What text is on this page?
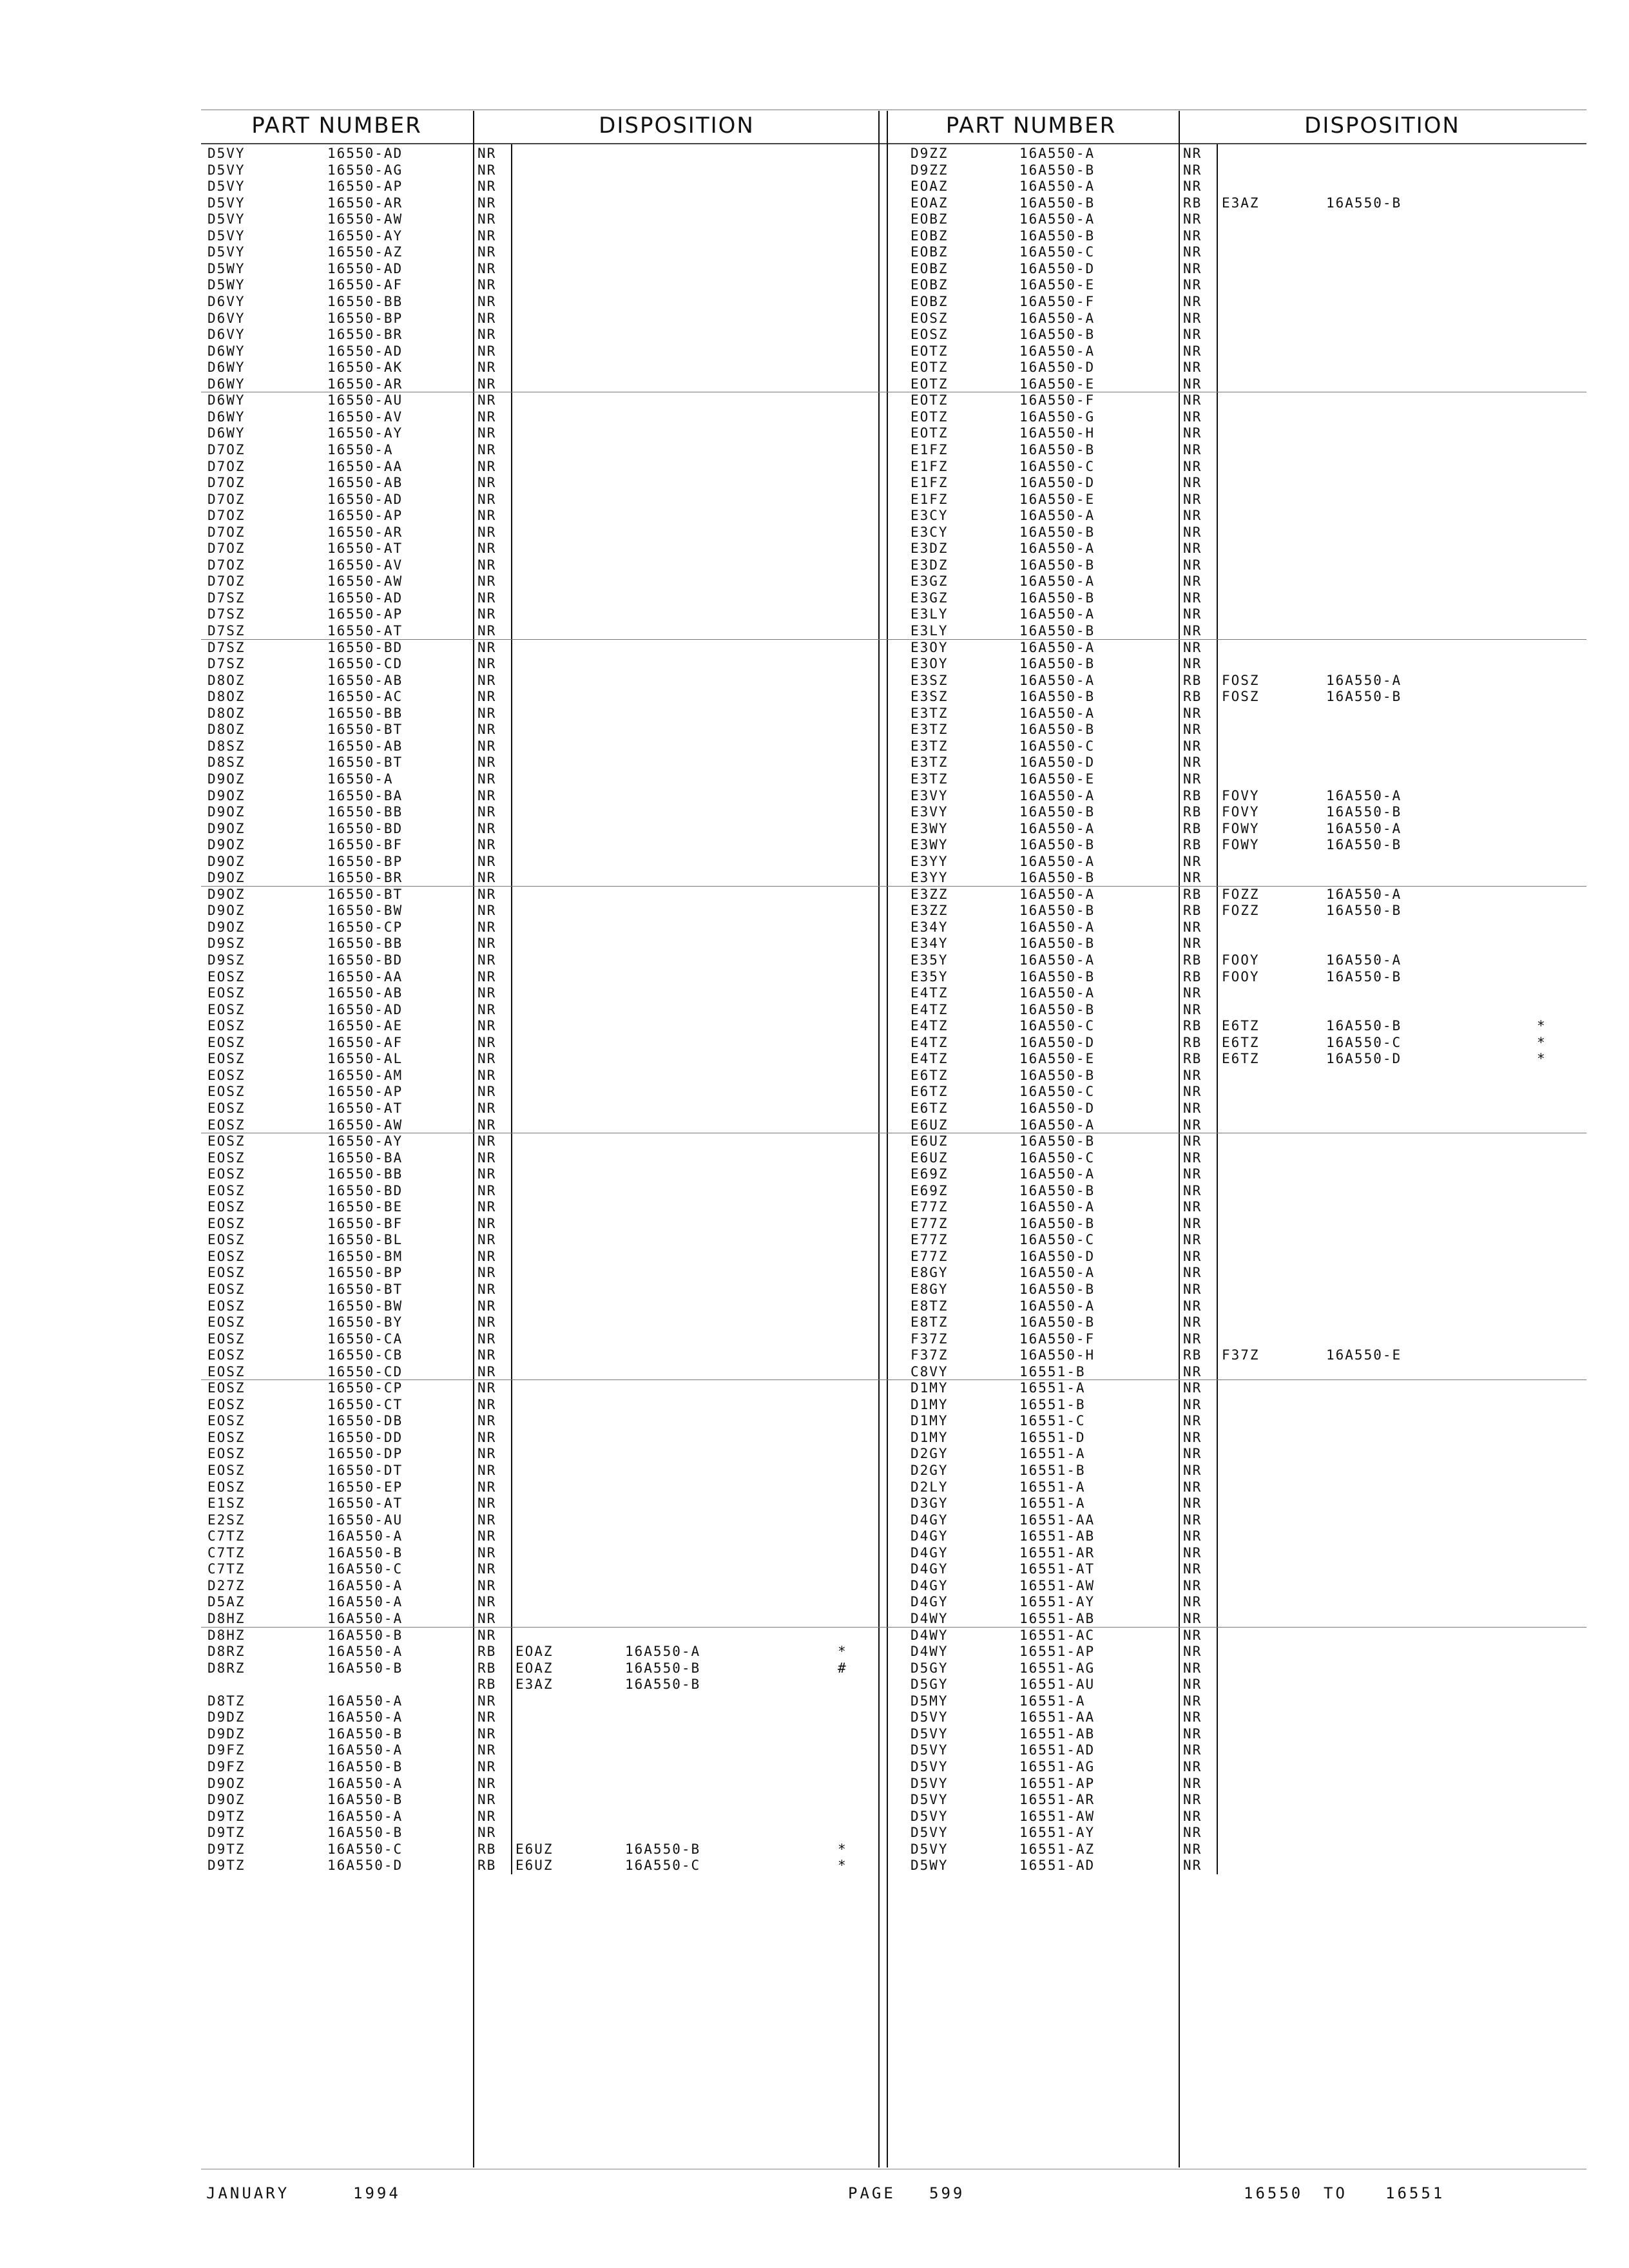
PART NUMBER	DISPOSITION	PART NUMBER	DISPOSITION
D5VY	16550-AD	NR
D5VY	16550-AG	NR
D5VY	16550-AP	NR
D5VY	16550-AR	NR
D5VY	16550-AW	NR
D5VY	16550-AY	NR
D5VY	16550-AZ	NR
D5WY	16550-AD	NR
D5WY	16550-AF	NR
D6VY	16550-BB	NR
D6VY	16550-BP	NR
D6VY	16550-BR	NR
D6WY	16550-AD	NR
D6WY	16550-AK	NR
D6WY	16550-AR	NR
D6WY	16550-AU	NR
D6WY	16550-AV	NR
D6WY	16550-AY	NR
D7OZ	16550-A	NR
D7OZ	16550-AA	NR
D7OZ	16550-AB	NR
D7OZ	16550-AD	NR
D7OZ	16550-AP	NR
D7OZ	16550-AR	NR
D7OZ	16550-AT	NR
D7OZ	16550-AV	NR
D7OZ	16550-AW	NR
D7SZ	16550-AD	NR
D7SZ	16550-AP	NR
D7SZ	16550-AT	NR
D7SZ	16550-BD	NR
D7SZ	16550-CD	NR
D8OZ	16550-AB	NR
D8OZ	16550-AC	NR
D8OZ	16550-BB	NR
D8OZ	16550-BT	NR
D8SZ	16550-AB	NR
D8SZ	16550-BT	NR
D9OZ	16550-A	NR
D9OZ	16550-BA	NR
D9OZ	16550-BB	NR
D9OZ	16550-BD	NR
D9OZ	16550-BF	NR
D9OZ	16550-BP	NR
D9OZ	16550-BR	NR
D9OZ	16550-BT	NR
D9OZ	16550-BW	NR
D9OZ	16550-CP	NR
D9SZ	16550-BB	NR
D9SZ	16550-BD	NR
EOSZ	16550-AA	NR
EOSZ	16550-AB	NR
EOSZ	16550-AD	NR
EOSZ	16550-AE	NR
EOSZ	16550-AF	NR
EOSZ	16550-AL	NR
EOSZ	16550-AM	NR
EOSZ	16550-AP	NR
EOSZ	16550-AT	NR
EOSZ	16550-AW	NR
EOSZ	16550-AY	NR
EOSZ	16550-BA	NR
EOSZ	16550-BB	NR
EOSZ	16550-BD	NR
EOSZ	16550-BE	NR
EOSZ	16550-BF	NR
EOSZ	16550-BL	NR
EOSZ	16550-BM	NR
EOSZ	16550-BP	NR
EOSZ	16550-BT	NR
EOSZ	16550-BW	NR
EOSZ	16550-BY	NR
EOSZ	16550-CA	NR
EOSZ	16550-CB	NR
EOSZ	16550-CD	NR
EOSZ	16550-CP	NR
EOSZ	16550-CT	NR
EOSZ	16550-DB	NR
EOSZ	16550-DD	NR
EOSZ	16550-DP	NR
EOSZ	16550-DT	NR
EOSZ	16550-EP	NR
E1SZ	16550-AT	NR
E2SZ	16550-AU	NR
C7TZ	16A550-A	NR
C7TZ	16A550-B	NR
C7TZ	16A550-C	NR
D27Z	16A550-A	NR
D5AZ	16A550-A	NR
D8HZ	16A550-A	NR
D8HZ	16A550-B	NR
D8RZ	16A550-A	RB EOAZ	16A550-A	*
D8RZ	16A550-B	RB EOAZ	16A550-B	#
RB E3AZ	16A550-B
D8TZ	16A550-A	NR
D9DZ	16A550-A	NR
D9DZ	16A550-B	NR
D9FZ	16A550-A	NR
D9FZ	16A550-B	NR
D9OZ	16A550-A	NR
D9OZ	16A550-B	NR
D9TZ	16A550-A	NR
D9TZ	16A550-B	NR
D9TZ	16A550-C	RB E6UZ	16A550-B	*
D9TZ	16A550-D	RB E6UZ	16A550-C	*
D9ZZ	16A550-A	NR
D9ZZ	16A550-B	NR
EOAZ	16A550-A	NR
EOAZ	16A550-B	RB E3AZ	16A550-B
EOBZ	16A550-A	NR
EOBZ	16A550-B	NR
EOBZ	16A550-C	NR
EOBZ	16A550-D	NR
EOBZ	16A550-E	NR
EOBZ	16A550-F	NR
EOSZ	16A550-A	NR
EOSZ	16A550-B	NR
EOTZ	16A550-A	NR
EOTZ	16A550-D	NR
EOTZ	16A550-E	NR
EOTZ	16A550-F	NR
EOTZ	16A550-G	NR
EOTZ	16A550-H	NR
E1FZ	16A550-B	NR
E1FZ	16A550-C	NR
E1FZ	16A550-D	NR
E1FZ	16A550-E	NR
E3CY	16A550-A	NR
E3CY	16A550-B	NR
E3DZ	16A550-A	NR
E3DZ	16A550-B	NR
E3GZ	16A550-A	NR
E3GZ	16A550-B	NR
E3LY	16A550-A	NR
E3LY	16A550-B	NR
E3OY	16A550-A	NR
E3OY	16A550-B	NR
E3SZ	16A550-A	RB FOSZ	16A550-A
E3SZ	16A550-B	RB FOSZ	16A550-B
E3TZ	16A550-A	NR
E3TZ	16A550-B	NR
E3TZ	16A550-C	NR
E3TZ	16A550-D	NR
E3TZ	16A550-E	NR
E3VY	16A550-A	RB FOVY	16A550-A
E3VY	16A550-B	RB FOVY	16A550-B
E3WY	16A550-A	RB FOWY	16A550-A
E3WY	16A550-B	RB FOWY	16A550-B
E3YY	16A550-A	NR
E3YY	16A550-B	NR
E3ZZ	16A550-A	RB FOZZ	16A550-A
E3ZZ	16A550-B	RB FOZZ	16A550-B
E34Y	16A550-A	NR
E34Y	16A550-B	NR
E35Y	16A550-A	RB FOOY	16A550-A
E35Y	16A550-B	RB FOOY	16A550-B
E4TZ	16A550-A	NR
E4TZ	16A550-B	NR
E4TZ	16A550-C	RB E6TZ	16A550-B	*
E4TZ	16A550-D	RB E6TZ	16A550-C	*
E4TZ	16A550-E	RB E6TZ	16A550-D	*
E6TZ	16A550-B	NR
E6TZ	16A550-C	NR
E6TZ	16A550-D	NR
E6UZ	16A550-A	NR
E6UZ	16A550-B	NR
E6UZ	16A550-C	NR
E69Z	16A550-A	NR
E69Z	16A550-B	NR
E77Z	16A550-A	NR
E77Z	16A550-B	NR
E77Z	16A550-C	NR
E77Z	16A550-D	NR
E8GY	16A550-A	NR
E8GY	16A550-B	NR
E8TZ	16A550-A	NR
E8TZ	16A550-B	NR
F37Z	16A550-F	NR
F37Z	16A550-H	RB F37Z	16A550-E
C8VY	16551-B	NR
D1MY	16551-A	NR
D1MY	16551-B	NR
D1MY	16551-C	NR
D1MY	16551-D	NR
D2GY	16551-A	NR
D2GY	16551-B	NR
D2LY	16551-A	NR
D3GY	16551-A	NR
D4GY	16551-AA	NR
D4GY	16551-AB	NR
D4GY	16551-AR	NR
D4GY	16551-AT	NR
D4GY	16551-AW	NR
D4GY	16551-AY	NR
D4WY	16551-AB	NR
D4WY	16551-AC	NR
D4WY	16551-AP	NR
D5GY	16551-AG	NR
D5GY	16551-AU	NR
D5MY	16551-A	NR
D5VY	16551-AA	NR
D5VY	16551-AB	NR
D5VY	16551-AD	NR
D5VY	16551-AG	NR
D5VY	16551-AP	NR
D5VY	16551-AR	NR
D5VY	16551-AW	NR
D5VY	16551-AY	NR
D5VY	16551-AZ	NR
D5WY	16551-AD	NR
JANUARY	1994	PAGE 599	16550 TO 16551
